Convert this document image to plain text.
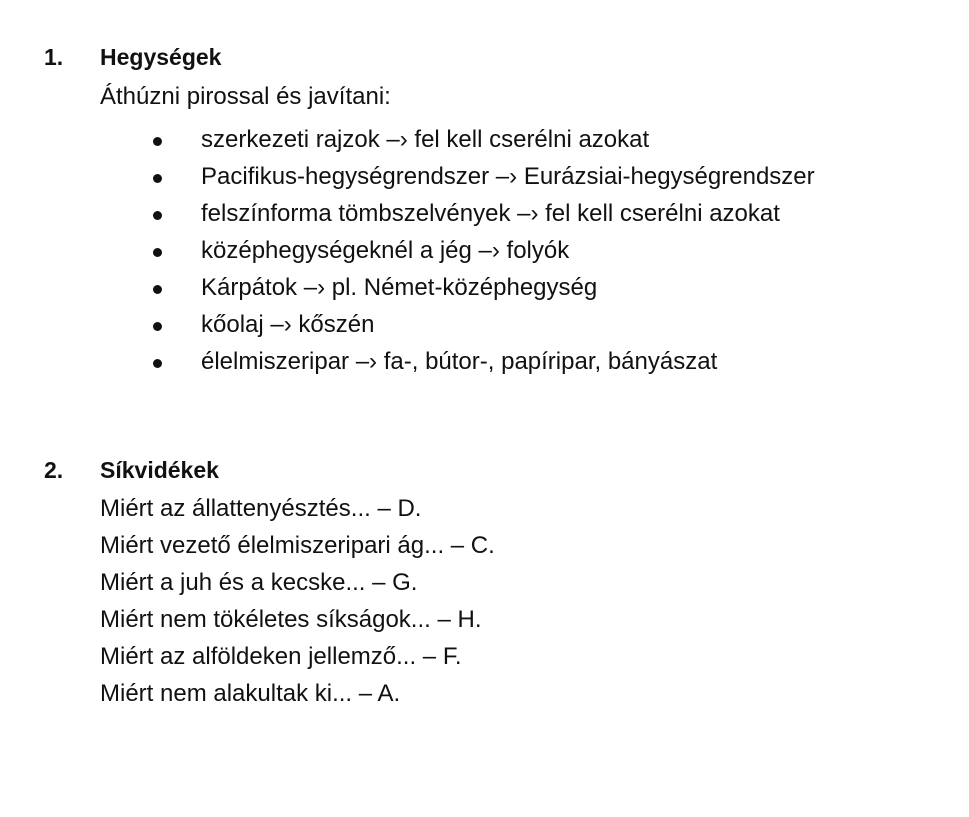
1. Hegységek
Áthúzni pirossal és javítani:
szerkezeti rajzok –› fel kell cserélni azokat
Pacifikus-hegységrendszer –› Eurázsiai-hegységrendszer
felszínforma tömbszelvények –› fel kell cserélni azokat
középhegységeknél a jég –› folyók
Kárpátok –› pl. Német-középhegység
kőolaj –› kőszén
élelmiszeripar –› fa-, bútor-, papíripar, bányászat
2. Síkvidékek
Miért az állattenyésztés... – D.
Miért vezető élelmiszeripari ág... – C.
Miért a juh és a kecske... – G.
Miért nem tökéletes síkságok... – H.
Miért az alföldeken jellemző... – F.
Miért nem alakultak ki... – A.
